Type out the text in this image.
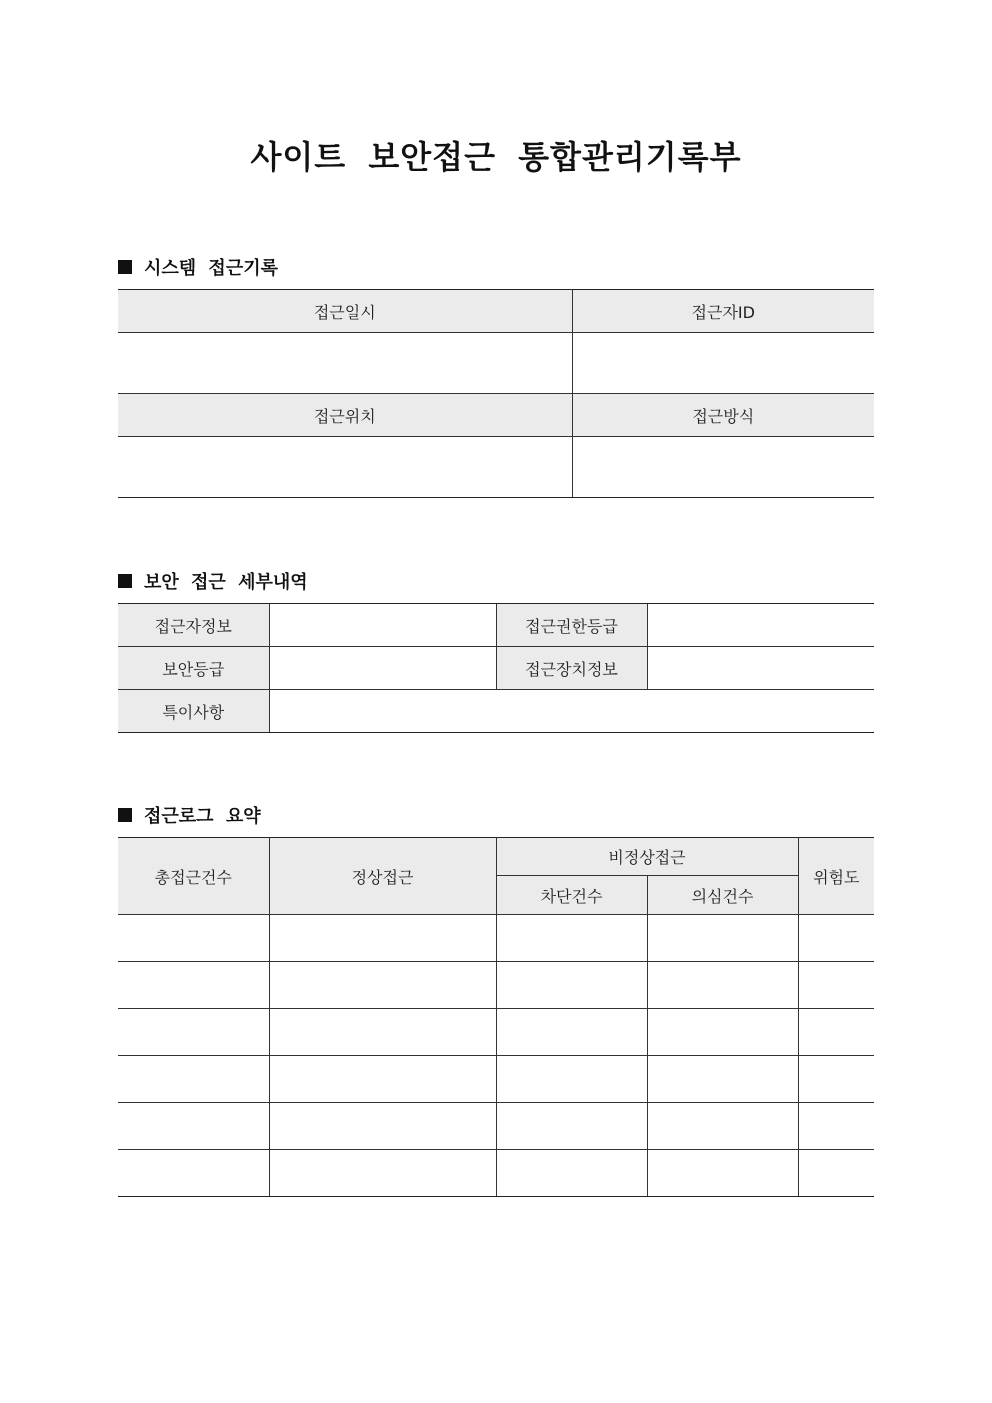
사이트 보안접근 통합관리기록부
시스템 접근기록
접근일시	접근자ID

접근위치	접근방식

보안 접근 세부내역
접근자정보		접근권한등급	
보안등급		접근장치정보	
특이사항			
접근로그 요약
총접근건수	정상접근	비정상접근		위험도
		차단건수	의심건수	
